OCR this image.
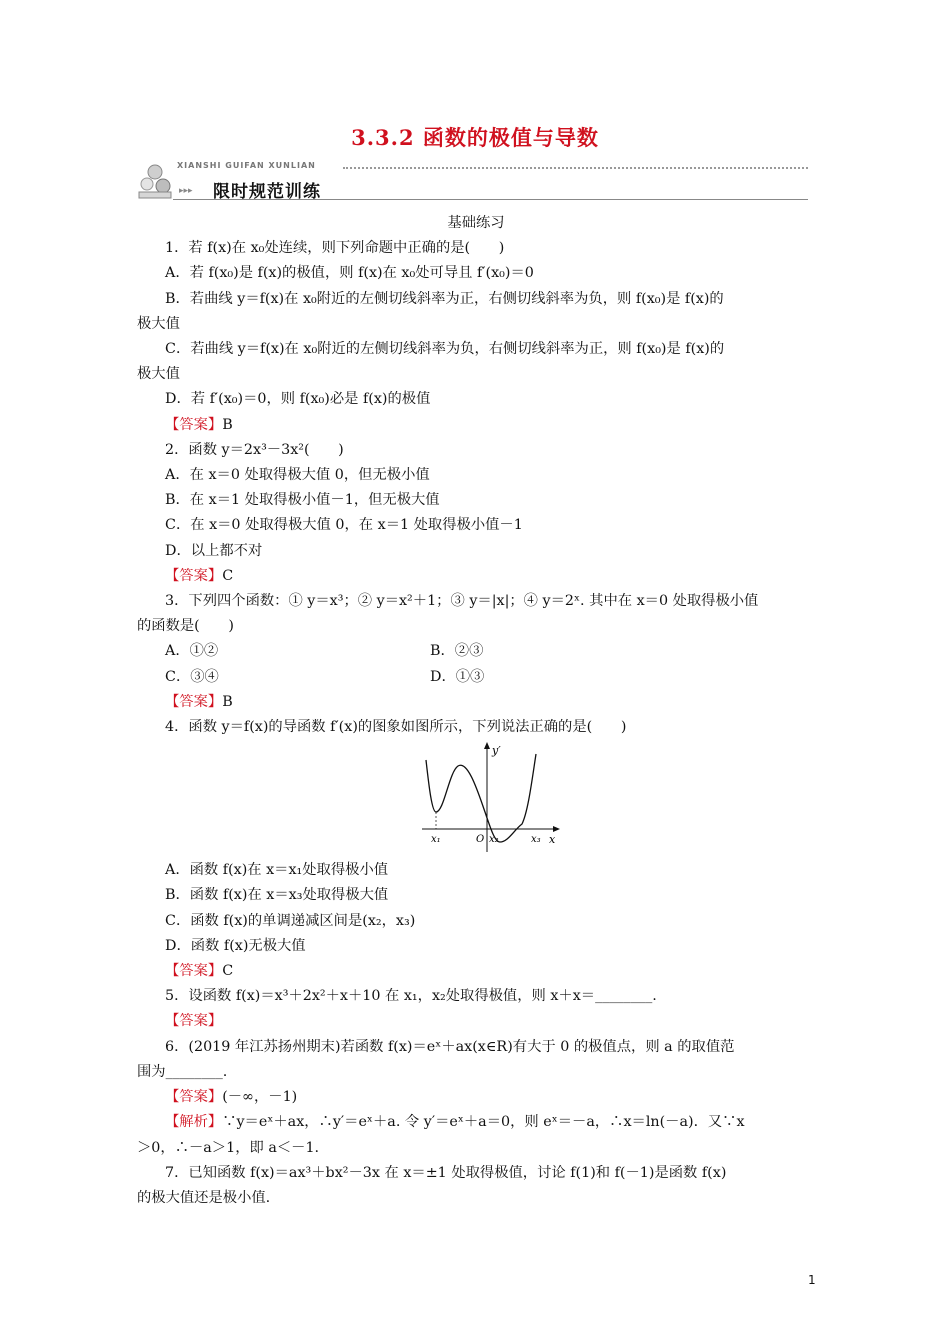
3.3.2 函数的极值与导数
XIANSHI GUIFAN XUNLIAN
▸▸▸ 限时规范训练

基础练习

1．若 f(x)在 x₀处连续，则下列命题中正确的是(　　)

A．若 f(x₀)是 f(x)的极值，则 f(x)在 x₀处可导且 f′(x₀)＝0

B．若曲线 y＝f(x)在 x₀附近的左侧切线斜率为正，右侧切线斜率为负，则 f(x₀)是 f(x)的

极大值

C．若曲线 y＝f(x)在 x₀附近的左侧切线斜率为负，右侧切线斜率为正，则 f(x₀)是 f(x)的

极大值

D．若 f′(x₀)＝0，则 f(x₀)必是 f(x)的极值

【答案】B

2．函数 y＝2x³－3x²(　　)

A．在 x＝0 处取得极大值 0，但无极小值

B．在 x＝1 处取得极小值－1，但无极大值

C．在 x＝0 处取得极大值 0，在 x＝1 处取得极小值－1

D．以上都不对

【答案】C

3．下列四个函数：① y＝x³；② y＝x²＋1；③ y＝|x|；④ y＝2ˣ. 其中在 x＝0 处取得极小值

的函数是(　　)

A．①②	B．②③
C．③④	D．①③

【答案】B

4．函数 y＝f(x)的导函数 f′(x)的图象如图所示，下列说法正确的是(　　)

x₁	O x₂	x₃ x
y′

A．函数 f(x)在 x＝x₁处取得极小值

B．函数 f(x)在 x＝x₃处取得极大值

C．函数 f(x)的单调递减区间是(x₂，x₃)

D．函数 f(x)无极大值

【答案】C

5．设函数 f(x)＝x³＋2x²＋x＋10 在 x₁，x₂处取得极值，则 x＋x＝________.

【答案】

6．(2019 年江苏扬州期末)若函数 f(x)＝eˣ＋ax(x∈R)有大于 0 的极值点，则 a 的取值范

围为________.

【答案】(－∞，－1)

【解析】∵y＝eˣ＋ax，∴y′＝eˣ＋a. 令 y′＝eˣ＋a＝0，则 eˣ＝－a，∴x＝ln(－a)．又∵x

＞0，∴－a＞1，即 a＜－1.

7．已知函数 f(x)＝ax³＋bx²－3x 在 x＝±1 处取得极值，讨论 f(1)和 f(－1)是函数 f(x)

的极大值还是极小值.

1
